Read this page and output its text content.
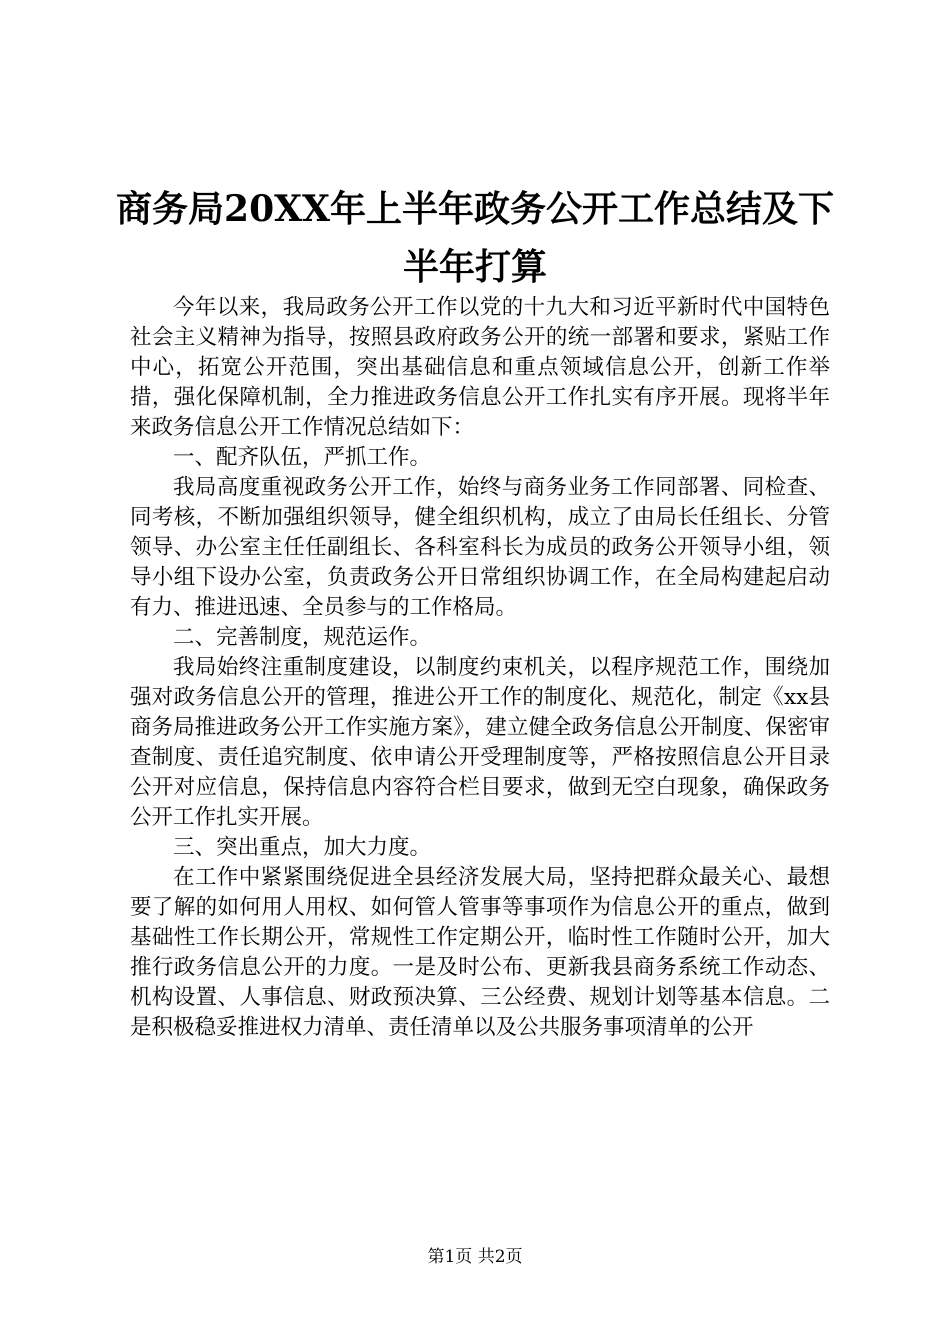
商务局20XX年上半年政务公开工作总结及下
半年打算

今年以来，我局政务公开工作以党的十九大和习近平新时代中国特色社会主义精神为指导，按照县政府政务公开的统一部署和要求，紧贴工作中心，拓宽公开范围，突出基础信息和重点领域信息公开，创新工作举措，强化保障机制，全力推进政务信息公开工作扎实有序开展。现将半年来政务信息公开工作情况总结如下：

一、配齐队伍，严抓工作。

我局高度重视政务公开工作，始终与商务业务工作同部署、同检查、同考核，不断加强组织领导，健全组织机构，成立了由局长任组长、分管领导、办公室主任任副组长、各科室科长为成员的政务公开领导小组，领导小组下设办公室，负责政务公开日常组织协调工作，在全局构建起启动有力、推进迅速、全员参与的工作格局。

二、完善制度，规范运作。

我局始终注重制度建设，以制度约束机关，以程序规范工作，围绕加强对政务信息公开的管理，推进公开工作的制度化、规范化，制定《xx县商务局推进政务公开工作实施方案》，建立健全政务信息公开制度、保密审查制度、责任追究制度、依申请公开受理制度等，严格按照信息公开目录公开对应信息，保持信息内容符合栏目要求，做到无空白现象，确保政务公开工作扎实开展。

三、突出重点，加大力度。

在工作中紧紧围绕促进全县经济发展大局，坚持把群众最关心、最想要了解的如何用人用权、如何管人管事等事项作为信息公开的重点，做到基础性工作长期公开，常规性工作定期公开，临时性工作随时公开，加大推行政务信息公开的力度。一是及时公布、更新我县商务系统工作动态、机构设置、人事信息、财政预决算、三公经费、规划计划等基本信息。二是积极稳妥推进权力清单、责任清单以及公共服务事项清单的公开

第1页 共2页
